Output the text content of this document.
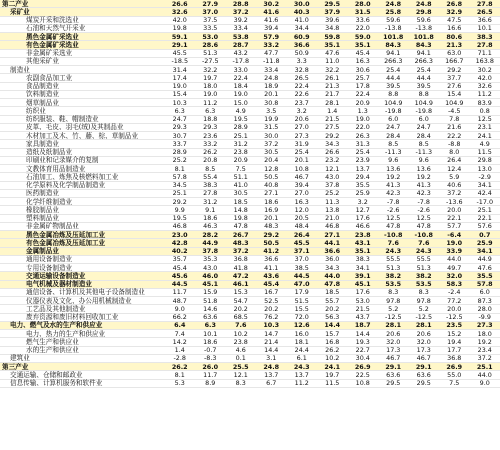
第二产业	26.6	27.9	28.8	30.2	30.0	29.5	28.0	24.8	24.8	26.8	27.8
采矿业	32.6	37.0	37.2	41.6	40.3	37.9	31.5	25.8	29.8	32.9	26.5
煤炭开采和洗选业	42.0	37.5	39.2	41.6	41.0	39.6	33.6	59.6	59.6	47.5	36.6
石油和天然气开采业	19.8	33.5	33.4	39.4	34.4	34.8	22.0	-13.8	-13.8	16.6	10.1
黑色金属矿采选业	59.1	53.0	53.8	57.9	60.9	59.8	59.0	101.8	101.8	80.6	38.3
有色金属矿采选业	29.1	28.6	28.7	33.2	36.6	35.1	35.1	84.3	84.3	21.3	27.8
非金属矿采选业	45.5	51.3	43.2	47.7	50.9	47.6	45.4	94.1	94.1	63.0	71.1
其他采矿业	-18.5	-27.5	-17.8	-11.8	3.3	11.0	16.3	266.3	266.3	166.7	163.8
制造业	31.4	32.2	33.0	33.4	32.8	32.2	30.6	25.4	25.4	29.2	30.2
农副食品加工业	17.4	19.7	22.4	24.8	26.5	26.1	25.7	44.4	44.4	37.7	42.0
食品制造业	19.0	18.0	18.4	18.9	22.4	21.3	17.8	39.5	39.5	27.6	32.6
饮料制造业	15.4	19.0	19.0	20.1	22.6	21.7	22.4	8.8	8.8	15.4	11.2
烟草制品业	10.3	11.2	15.0	30.8	23.7	28.1	20.9	104.9	104.9	104.9	83.9
纺织业	6.3	6.3	4.9	3.5	3.2	1.4	1.3	-19.8	-19.8	-4.5	0.8
纺织服装、鞋、帽制造业	24.7	18.8	19.5	19.9	20.6	21.5	19.0	6.0	6.0	7.8	12.5
皮革、毛皮、羽毛(绒)及其制品业	29.3	29.3	28.9	31.5	27.0	27.5	22.0	24.7	24.7	21.6	23.1
木材加工及木、竹、藤、棕、草制品业	30.7	23.6	25.1	30.0	27.3	29.2	26.3	28.4	28.4	22.2	24.1
家具制造业	33.7	33.2	31.2	37.2	31.9	34.3	31.3	8.5	8.5	-8.8	4.9
造纸及纸制品业	28.9	26.2	23.8	30.5	25.4	26.6	25.4	-11.3	-11.3	8.0	11.5
印刷业和记录媒介的复制	25.2	20.8	20.9	20.4	20.1	23.2	23.9	9.6	9.6	26.4	29.8
文教体育用品制造业	8.1	8.5	7.5	12.8	10.8	12.1	13.7	13.6	13.6	12.4	13.0
石油加工、炼焦及核燃料加工业	57.8	55.4	51.1	50.5	46.7	43.0	29.4	19.2	19.2	5.9	-2.9
化学原料及化学制品制造业	34.5	38.3	41.0	40.8	39.4	37.8	35.5	41.3	41.3	40.6	34.1
医药制造业	25.1	27.8	30.5	27.1	27.0	25.2	25.9	42.3	42.3	37.2	42.4
化学纤维制造业	29.2	31.2	18.5	18.6	16.3	11.3	3.2	-7.8	-7.8	-13.6	-17.0
橡胶制品业	9.9	9.1	14.8	16.9	12.0	13.8	12.7	-2.6	-2.6	20.0	25.1
塑料制品业	19.5	18.6	19.8	20.1	20.5	21.0	17.6	12.5	12.5	22.1	22.1
非金属矿物制品业	46.8	46.3	47.8	48.3	48.4	46.8	46.6	47.8	47.8	57.7	57.6
黑色金属冶炼及压延加工业	23.0	28.2	26.7	29.2	26.4	27.1	23.8	-10.8	-10.8	-6.4	0.7
有色金属冶炼及压延加工业	42.8	44.9	48.3	50.5	45.5	44.1	43.1	7.6	7.6	19.0	25.9
金属制品业	40.2	37.8	37.2	41.2	37.1	36.6	35.1	24.3	24.3	33.9	34.1
通用设备制造业	35.7	35.3	36.8	36.6	37.0	36.0	38.3	55.5	55.5	44.0	44.9
专用设备制造业	45.4	43.0	41.8	41.1	38.5	34.3	34.1	51.3	51.3	49.7	47.6
交通运输设备制造业	45.6	46.0	47.2	43.6	44.5	44.0	39.1	38.2	38.2	32.0	35.5
电气机械及器材制造业	44.5	45.1	46.1	45.4	47.0	47.8	45.1	53.5	53.5	58.3	57.8
通信设备、计算机及其他电子设备制造业	11.7	15.9	15.3	16.7	17.9	18.5	17.6	8.3	8.3	-2.4	6.0
仪器仪表及文化、办公用机械制造业	48.7	51.8	54.7	52.5	51.5	55.7	53.0	97.8	97.8	77.2	87.3
工艺品及其他制造业	9.0	14.6	20.2	20.2	15.5	20.2	21.5	5.2	5.2	20.0	28.0
废弃资源和废旧材料回收加工业	66.2	63.6	68.5	76.2	72.0	56.3	43.7	-12.5	-12.5	-12.5	-9.9
电力、燃气及水的生产和供应业	6.4	6.3	7.6	10.3	12.6	14.4	18.7	28.1	28.1	23.5	27.3
电力、热力的生产和供应业	7.4	10.1	10.2	14.7	16.0	15.7	14.4	20.6	20.6	15.2	18.0
燃气生产和供应业	14.2	18.6	23.8	21.4	18.1	16.8	19.3	32.0	32.0	19.4	19.2
水的生产和供应业	1.4	-0.7	4.6	14.4	24.4	26.2	22.7	17.3	17.3	17.7	23.4
建筑业	-2.8	-8.3	0.1	3.1	6.1	10.2	30.4	46.7	46.7	36.8	37.2
第三产业	26.2	26.0	25.5	24.8	24.3	24.1	26.9	29.1	29.1	26.9	25.1
交通运输、仓储和邮政业	8.1	11.7	12.1	13.7	13.7	19.7	22.5	63.6	63.6	55.0	44.0
信息传输、计算机服务和软件业	5.3	8.9	8.3	6.7	11.2	11.5	10.8	29.5	29.5	7.5	9.0
